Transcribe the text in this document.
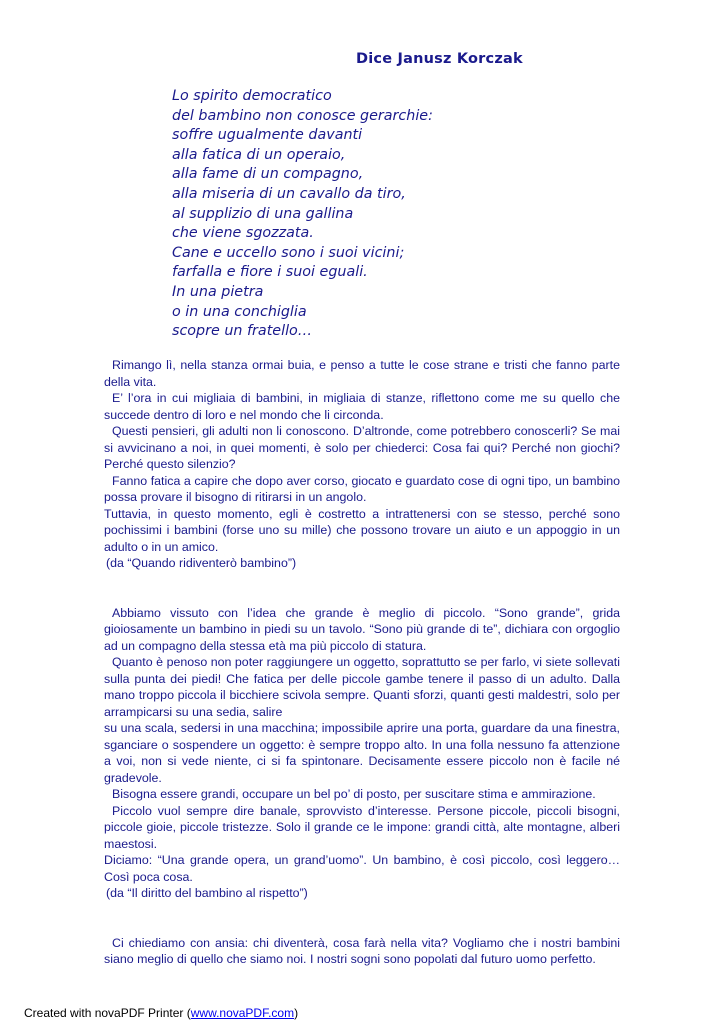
Dice Janusz Korczak
Lo spirito democratico
del bambino non conosce gerarchie:
soffre ugualmente davanti
alla fatica di un operaio,
alla fame di un compagno,
alla miseria di un cavallo da tiro,
al supplizio di una gallina
che viene sgozzata.
Cane e uccello sono i suoi vicini;
farfalla e fiore i suoi eguali.
In una pietra
o in una conchiglia
scopre un fratello…

Rimango lì, nella stanza ormai buia, e penso a tutte le cose strane e tristi che fanno parte della vita.

E’ l’ora in cui migliaia di bambini, in migliaia di stanze, riflettono come me su quello che succede dentro di loro e nel mondo che li circonda.

Questi pensieri, gli adulti non li conoscono. D’altronde, come potrebbero conoscerli? Se mai si avvicinano a noi, in quei momenti, è solo per chiederci: Cosa fai qui? Perché non giochi? Perché questo silenzio?

Fanno fatica a capire che dopo aver corso, giocato e guardato cose di ogni tipo, un bambino possa provare il bisogno di ritirarsi in un angolo.

Tuttavia, in questo momento, egli è costretto a intrattenersi con se stesso, perché sono pochissimi i bambini (forse uno su mille) che possono trovare un aiuto e un appoggio in un adulto o in un amico.

(da “Quando ridiventerò bambino”)

Abbiamo vissuto con l’idea che grande è meglio di piccolo. “Sono grande”, grida gioiosamente un bambino in piedi su un tavolo. “Sono più grande di te”, dichiara con orgoglio ad un compagno della stessa età ma più piccolo di statura.

Quanto è penoso non poter raggiungere un oggetto, soprattutto se per farlo, vi siete sollevati sulla punta dei piedi! Che fatica per delle piccole gambe tenere il passo di un adulto. Dalla mano troppo piccola il bicchiere scivola sempre. Quanti sforzi, quanti gesti maldestri, solo per arrampicarsi su una sedia, salire

su una scala, sedersi in una macchina; impossibile aprire una porta, guardare da una finestra, sganciare o sospendere un oggetto: è sempre troppo alto. In una folla nessuno fa attenzione a voi, non si vede niente, ci si fa spintonare. Decisamente essere piccolo non è facile né gradevole.

Bisogna essere grandi, occupare un bel po’ di posto, per suscitare stima e ammirazione.

Piccolo vuol sempre dire banale, sprovvisto d’interesse. Persone piccole, piccoli bisogni, piccole gioie, piccole tristezze. Solo il grande ce le impone: grandi città, alte montagne, alberi maestosi.

Diciamo: “Una grande opera, un grand’uomo”. Un bambino, è così piccolo, così leggero… Così poca cosa.

(da “Il diritto del bambino al rispetto”)

Ci chiediamo con ansia: chi diventerà, cosa farà nella vita? Vogliamo che i nostri bambini siano meglio di quello che siamo noi. I nostri sogni sono popolati dal futuro uomo perfetto.

Created with novaPDF Printer (www.novaPDF.com)
